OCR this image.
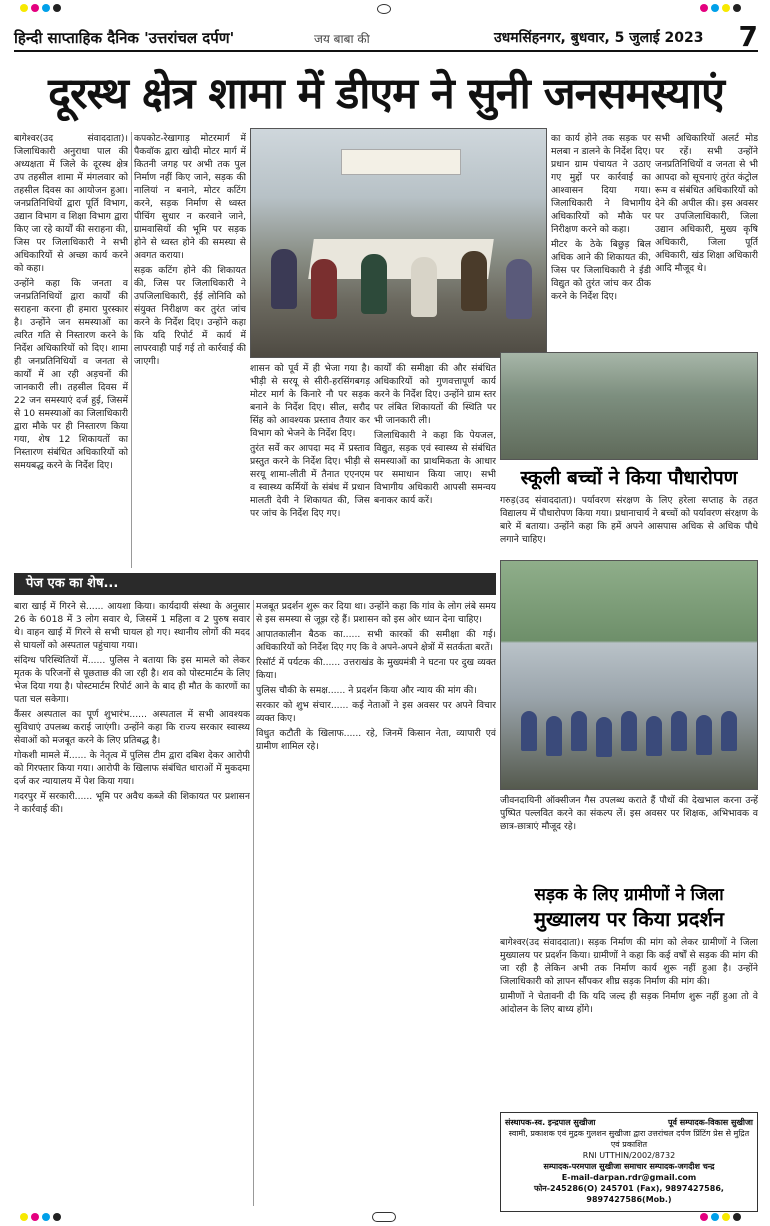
हिन्दी साप्ताहिक दैनिक 'उत्तरांचल दर्पण'	जय बाबा की	उधमसिंहनगर, बुधवार, 5 जुलाई 2023 7
दूरस्थ क्षेत्र शामा में डीएम ने सुनी जनसमस्याएं

बागेश्वर(उद संवाददाता)। जिलाधिकारी अनुराधा पाल की अध्यक्षता में जिले के दूरस्थ क्षेत्र उप तहसील शामा में मंगलवार को तहसील दिवस का आयोजन हुआ। जनप्रतिनिधियों द्वारा पूर्ति विभाग, उद्यान विभाग व शिक्षा विभाग द्वारा किए जा रहे कार्यों की सराहना की, जिस पर जिलाधिकारी ने सभी अधिकारियों से अच्छा कार्य करने को कहा।

उन्होंने कहा कि जनता व जनप्रतिनिधियों द्वारा कार्यों की सराहना करना ही हमारा पुरस्कार है। उन्होंने जन समस्याओं का त्वरित गति से निस्तारण करने के निर्देश अधिकारियों को दिए। शामा ही जनप्रतिनिधियों व जनता से कार्यों में आ रही अड़चनों की जानकारी ली। तहसील दिवस में 22 जन समस्याएं दर्ज हुई, जिसमें से 10 समस्याओं का जिलाधिकारी द्वारा मौके पर ही निस्तारण किया गया, शेष 12 शिकायतों का निस्तारण संबंधित अधिकारियों को समयबद्ध करने के निर्देश दिए।

कपकोट-रेखागाड़ मोटरमार्ग में पैकवॉक द्वारा खोदी मोटर मार्ग में कितनी जगह पर अभी तक पुल निर्माण नहीं किए जाने, सड़क की नालियां न बनाने, मोटर कटिंग करने, सड़क निर्माण से ध्वस्त पीचिंग सुधार न करवाने जाने, ग्रामवासियों की भूमि पर सड़क होने से ध्वस्त होने की समस्या से अवगत कराया।

सड़क कटिंग होने की शिकायत की, जिस पर जिलाधिकारी ने उपजिलाधिकारी, ईई लोनिवि को संयुक्त निरीक्षण कर तुरंत जांच करने के निर्देश दिए। उन्होंने कहा कि यदि रिपोर्ट में कार्य में लापरवाही पाई गई तो कार्रवाई की जाएगी।

शासन को पूर्व में ही भेजा गया है। भीड़ी से सरयू से सीरी-हरसिंगबगड़ मोटर मार्ग के किनारे नौ पर सड़क बनाने के निर्देश दिए। सील, सरौद सिंह को आवश्यक प्रस्ताव तैयार कर विभाग को भेजने के निर्देश दिए।

तुरंत सर्वे कर आपदा मद में प्रस्ताव प्रस्तुत करने के निर्देश दिए। भीड़ी से सरयू शामा-लीती में तैनात एएनएम व स्वास्थ्य कर्मियों के संबंध में प्रधान मालती देवी ने शिकायत की, जिस पर जांच के निर्देश दिए गए।

कार्यों की समीक्षा की और संबंधित अधिकारियों को गुणवत्तापूर्ण कार्य करने के निर्देश दिए। उन्होंने ग्राम स्तर पर लंबित शिकायतों की स्थिति पर भी जानकारी ली।

जिलाधिकारी ने कहा कि पेयजल, विद्युत, सड़क एवं स्वास्थ्य से संबंधित समस्याओं का प्राथमिकता के आधार पर समाधान किया जाए। सभी विभागीय अधिकारी आपसी समन्वय बनाकर कार्य करें।

का कार्य होने तक सड़क पर मलबा न डालने के निर्देश दिए। प्रधान ग्राम पंचायत ने उठाए गए मुद्दों पर कार्रवाई का आश्वासन दिया गया। जिलाधिकारी ने विभागीय अधिकारियों को मौके पर निरीक्षण करने को कहा।

मीटर के ठेके बिछुड़ बिल अधिक आने की शिकायत की, जिस पर जिलाधिकारी ने ईडी विद्युत को तुरंत जांच कर ठीक करने के निर्देश दिए।

सभी अधिकारियों अलर्ट मोड पर रहें। सभी उन्होंने जनप्रतिनिधियों व जनता से भी आपदा को सूचनाएं तुरंत कंट्रोल रूम व संबंधित अधिकारियों को देने की अपील की। इस अवसर पर उपजिलाधिकारी, जिला उद्यान अधिकारी, मुख्य कृषि अधिकारी, जिला पूर्ति अधिकारी, खंड शिक्षा अधिकारी आदि मौजूद थे।

स्कूली बच्चों ने किया पौधारोपण

गरुड़(उद संवाददाता)। पर्यावरण संरक्षण के लिए हरेला सप्ताह के तहत विद्यालय में पौधारोपण किया गया। प्रधानाचार्य ने बच्चों को पर्यावरण संरक्षण के बारे में बताया। उन्होंने कहा कि हमें अपने आसपास अधिक से अधिक पौधे लगाने चाहिए।

जीवनदायिनी ऑक्सीजन गैस उपलब्ध कराते हैं पौधों की देखभाल करना उन्हें पुष्पित पल्लवित करने का संकल्प लें। इस अवसर पर शिक्षक, अभिभावक व छात्र-छात्राएं मौजूद रहे।

सड़क के लिए ग्रामीणों ने जिला
मुख्यालय पर किया प्रदर्शन

बागेश्वर(उद संवाददाता)। सड़क निर्माण की मांग को लेकर ग्रामीणों ने जिला मुख्यालय पर प्रदर्शन किया। ग्रामीणों ने कहा कि कई वर्षों से सड़क की मांग की जा रही है लेकिन अभी तक निर्माण कार्य शुरू नहीं हुआ है। उन्होंने जिलाधिकारी को ज्ञापन सौंपकर शीघ्र सड़क निर्माण की मांग की।

ग्रामीणों ने चेतावनी दी कि यदि जल्द ही सड़क निर्माण शुरू नहीं हुआ तो वे आंदोलन के लिए बाध्य होंगे।

पेज एक का शेष...

बारा खाई में गिरने से...... आयशा किया। कार्यदायी संस्था के अनुसार 26 के 6018 में 3 लोग सवार थे, जिसमें 1 महिला व 2 पुरुष सवार थे। वाहन खाई में गिरने से सभी घायल हो गए। स्थानीय लोगों की मदद से घायलों को अस्पताल पहुंचाया गया।

संदिग्ध परिस्थितियों में...... पुलिस ने बताया कि इस मामले को लेकर मृतक के परिजनों से पूछताछ की जा रही है। शव को पोस्टमार्टम के लिए भेज दिया गया है। पोस्टमार्टम रिपोर्ट आने के बाद ही मौत के कारणों का पता चल सकेगा।

कैंसर अस्पताल का पूर्ण शुभारंभ...... अस्पताल में सभी आवश्यक सुविधाएं उपलब्ध कराई जाएंगी। उन्होंने कहा कि राज्य सरकार स्वास्थ्य सेवाओं को मजबूत करने के लिए प्रतिबद्ध है।

गोकशी मामले में...... के नेतृत्व में पुलिस टीम द्वारा दबिश देकर आरोपी को गिरफ्तार किया गया। आरोपी के खिलाफ संबंधित धाराओं में मुकदमा दर्ज कर न्यायालय में पेश किया गया।

गदरपुर में सरकारी...... भूमि पर अवैध कब्जे की शिकायत पर प्रशासन ने कार्रवाई की।

मजबूत प्रदर्शन शुरू कर दिया था। उन्होंने कहा कि गांव के लोग लंबे समय से इस समस्या से जूझ रहे हैं। प्रशासन को इस ओर ध्यान देना चाहिए।

आपातकालीन बैठक का...... सभी कारकों की समीक्षा की गई। अधिकारियों को निर्देश दिए गए कि वे अपने-अपने क्षेत्रों में सतर्कता बरतें।

रिसॉर्ट में पर्यटक की...... उत्तराखंड के मुख्यमंत्री ने घटना पर दुख व्यक्त किया।

पुलिस चौकी के समक्ष...... ने प्रदर्शन किया और न्याय की मांग की।

सरकार को शुभ संचार...... कई नेताओं ने इस अवसर पर अपने विचार व्यक्त किए।

विधुत कटौती के खिलाफ...... रहे, जिनमें किसान नेता, व्यापारी एवं ग्रामीण शामिल रहे।

संस्थापक-स्व. इन्द्रपाल सुखीजा	पूर्व सम्पादक-विकास सुखीजा
स्वामी, प्रकाशक एवं मुद्रक गुलशन सुखीजा द्वारा उत्तरांचल दर्पण प्रिंटिंग प्रेस से मुद्रित एवं प्रकाशित
RNI UTTHIN/2002/8732
सम्पादक-परमपाल सुखीजा समाचार सम्पादक-जगदीश चन्द्र
E-mail-darpan.rdr@gmail.com
फोन-245286(O) 245701 (Fax), 9897427586, 9897427586(Mob.)
